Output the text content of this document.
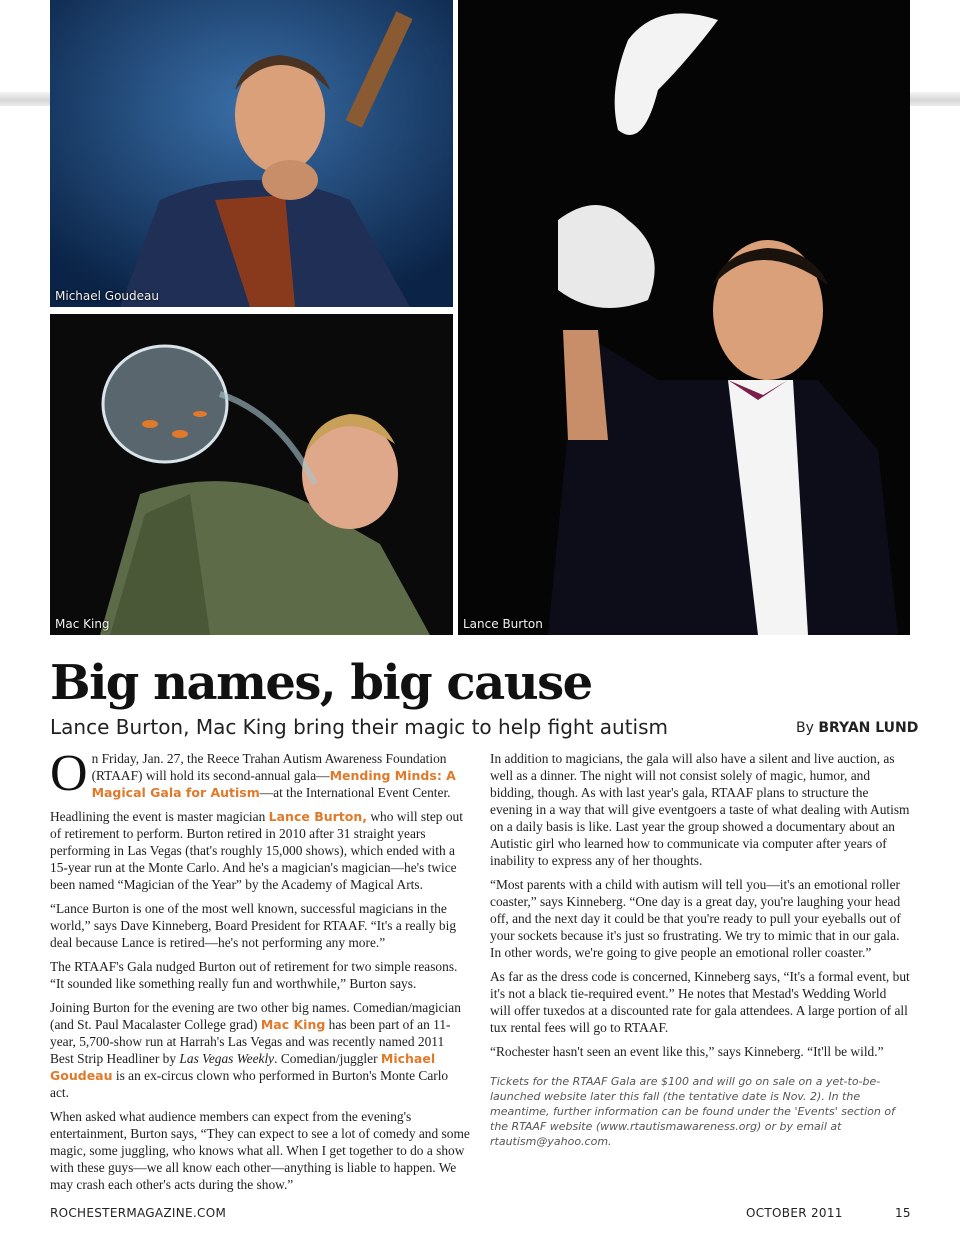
Michael Goudeau
Mac King	Lance Burton
Big names, big cause
Lance Burton, Mac King bring their magic to help fight autism	By BRYAN LUND

On Friday, Jan. 27, the Reece Trahan Autism Awareness Foundation (RTAAF) will hold its second-annual gala—Mending Minds: A Magical Gala for Autism—at the International Event Center.

Headlining the event is master magician Lance Burton, who will step out of retirement to perform. Burton retired in 2010 after 31 straight years performing in Las Vegas (that's roughly 15,000 shows), which ended with a 15-year run at the Monte Carlo. And he's a magician's magician—he's twice been named “Magician of the Year” by the Academy of Magical Arts.

“Lance Burton is one of the most well known, successful magicians in the world,” says Dave Kinneberg, Board President for RTAAF. “It's a really big deal because Lance is retired—he's not performing any more.”

The RTAAF's Gala nudged Burton out of retirement for two simple reasons. “It sounded like something really fun and worthwhile,” Burton says.

Joining Burton for the evening are two other big names. Comedian/magician (and St. Paul Macalaster College grad) Mac King has been part of an 11-year, 5,700-show run at Harrah's Las Vegas and was recently named 2011 Best Strip Headliner by Las Vegas Weekly. Comedian/juggler Michael Goudeau is an ex-circus clown who performed in Burton's Monte Carlo act.

When asked what audience members can expect from the evening's entertainment, Burton says, “They can expect to see a lot of comedy and some magic, some juggling, who knows what all. When I get together to do a show with these guys—we all know each other—anything is liable to happen. We may crash each other's acts during the show.”

In addition to magicians, the gala will also have a silent and live auction, as well as a dinner. The night will not consist solely of magic, humor, and bidding, though. As with last year's gala, RTAAF plans to structure the evening in a way that will give eventgoers a taste of what dealing with Autism on a daily basis is like. Last year the group showed a documentary about an Autistic girl who learned how to communicate via computer after years of inability to express any of her thoughts.

“Most parents with a child with autism will tell you—it's an emotional roller coaster,” says Kinneberg. “One day is a great day, you're laughing your head off, and the next day it could be that you're ready to pull your eyeballs out of your sockets because it's just so frustrating. We try to mimic that in our gala. In other words, we're going to give people an emotional roller coaster.”

As far as the dress code is concerned, Kinneberg says, “It's a formal event, but it's not a black tie-required event.” He notes that Mestad's Wedding World will offer tuxedos at a discounted rate for gala attendees. A large portion of all tux rental fees will go to RTAAF.

“Rochester hasn't seen an event like this,” says Kinneberg. “It'll be wild.”

Tickets for the RTAAF Gala are $100 and will go on sale on a yet-to-be-launched website later this fall (the tentative date is Nov. 2). In the meantime, further information can be found under the 'Events' section of the RTAAF website (www.rtautismawareness.org) or by email at rtautism@yahoo.com.

ROCHESTERMAGAZINE.COM	OCTOBER 2011	15
